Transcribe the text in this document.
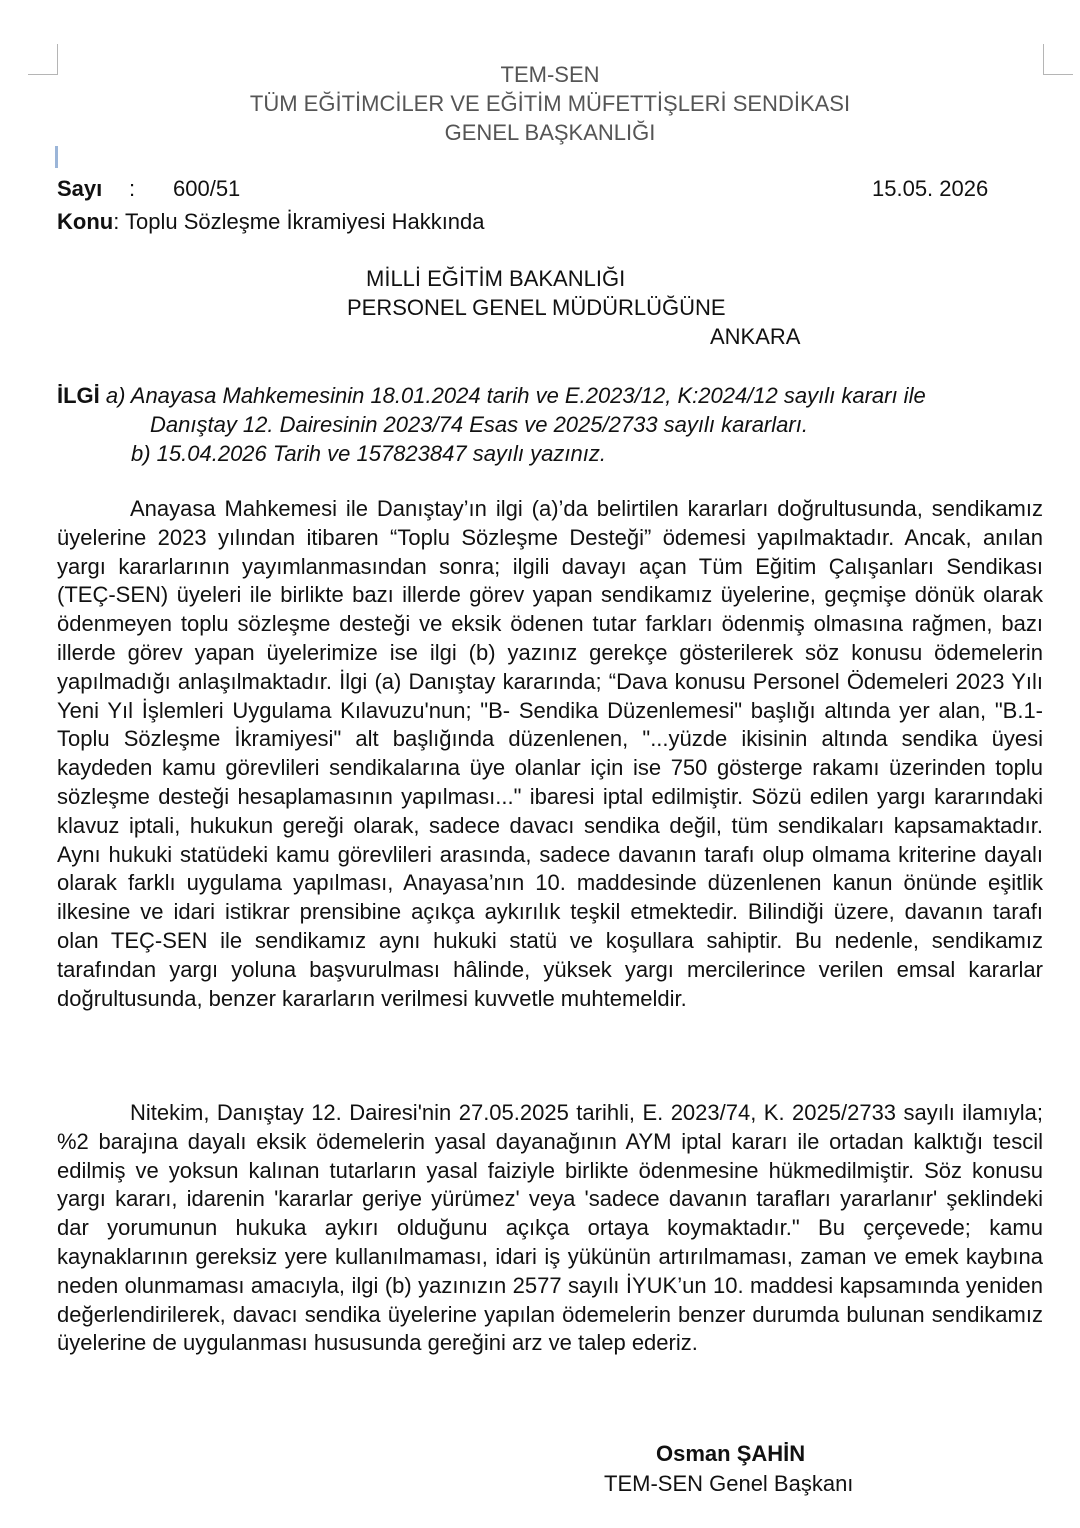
TEM-SEN
TÜM EĞİTİMCİLER VE EĞİTİM MÜFETTİŞLERİ SENDİKASI
GENEL BAŞKANLIĞI
Sayı : 600/51	15.05. 2026
Konu: Toplu Sözleşme İkramiyesi Hakkında
MİLLİ EĞİTİM BAKANLIĞI
PERSONEL GENEL MÜDÜRLÜĞÜNE
ANKARA
İLGİ a) Anayasa Mahkemesinin 18.01.2024 tarih ve E.2023/12, K:2024/12 sayılı kararı ile
Danıştay 12. Dairesinin 2023/74 Esas ve 2025/2733 sayılı kararları.
b) 15.04.2026 Tarih ve 157823847 sayılı yazınız.

Anayasa Mahkemesi ile Danıştay’ın ilgi (a)’da belirtilen kararları doğrultusunda, sendikamız üyelerine 2023 yılından itibaren “Toplu Sözleşme Desteği” ödemesi yapılmaktadır. Ancak, anılan yargı kararlarının yayımlanmasından sonra; ilgili davayı açan Tüm Eğitim Çalışanları Sendikası (TEÇ-SEN) üyeleri ile birlikte bazı illerde görev yapan sendikamız üyelerine, geçmişe dönük olarak ödenmeyen toplu sözleşme desteği ve eksik ödenen tutar farkları ödenmiş olmasına rağmen, bazı illerde görev yapan üyelerimize ise ilgi (b) yazınız gerekçe gösterilerek söz konusu ödemelerin yapılmadığı anlaşılmaktadır. İlgi (a) Danıştay kararında; “Dava konusu Personel Ödemeleri 2023 Yılı Yeni Yıl İşlemleri Uygulama Kılavuzu'nun; "B- Sendika Düzenlemesi" başlığı altında yer alan, "B.1-Toplu Sözleşme İkramiyesi" alt başlığında düzenlenen, "...yüzde ikisinin altında sendika üyesi kaydeden kamu görevlileri sendikalarına üye olanlar için ise 750 gösterge rakamı üzerinden toplu sözleşme desteği hesaplamasının yapılması..." ibaresi iptal edilmiştir. Sözü edilen yargı kararındaki klavuz iptali, hukukun gereği olarak, sadece davacı sendika değil, tüm sendikaları kapsamaktadır. Aynı hukuki statüdeki kamu görevlileri arasında, sadece davanın tarafı olup olmama kriterine dayalı olarak farklı uygulama yapılması, Anayasa’nın 10. maddesinde düzenlenen kanun önünde eşitlik ilkesine ve idari istikrar prensibine açıkça aykırılık teşkil etmektedir. Bilindiği üzere, davanın tarafı olan TEÇ-SEN ile sendikamız aynı hukuki statü ve koşullara sahiptir. Bu nedenle, sendikamız tarafından yargı yoluna başvurulması hâlinde, yüksek yargı mercilerince verilen emsal kararlar doğrultusunda, benzer kararların verilmesi kuvvetle muhtemeldir.

Nitekim, Danıştay 12. Dairesi'nin 27.05.2025 tarihli, E. 2023/74, K. 2025/2733 sayılı ilamıyla; %2 barajına dayalı eksik ödemelerin yasal dayanağının AYM iptal kararı ile ortadan kalktığı tescil edilmiş ve yoksun kalınan tutarların yasal faiziyle birlikte ödenmesine hükmedilmiştir. Söz konusu yargı kararı, idarenin 'kararlar geriye yürümez' veya 'sadece davanın tarafları yararlanır' şeklindeki dar yorumunun hukuka aykırı olduğunu açıkça ortaya koymaktadır." Bu çerçevede; kamu kaynaklarının gereksiz yere kullanılmaması, idari iş yükünün artırılmaması, zaman ve emek kaybına neden olunmaması amacıyla, ilgi (b) yazınızın 2577 sayılı İYUK’un 10. maddesi kapsamında yeniden değerlendirilerek, davacı sendika üyelerine yapılan ödemelerin benzer durumda bulunan sendikamız üyelerine de uygulanması hususunda gereğini arz ve talep ederiz.

Osman ŞAHİN
TEM-SEN Genel Başkanı
